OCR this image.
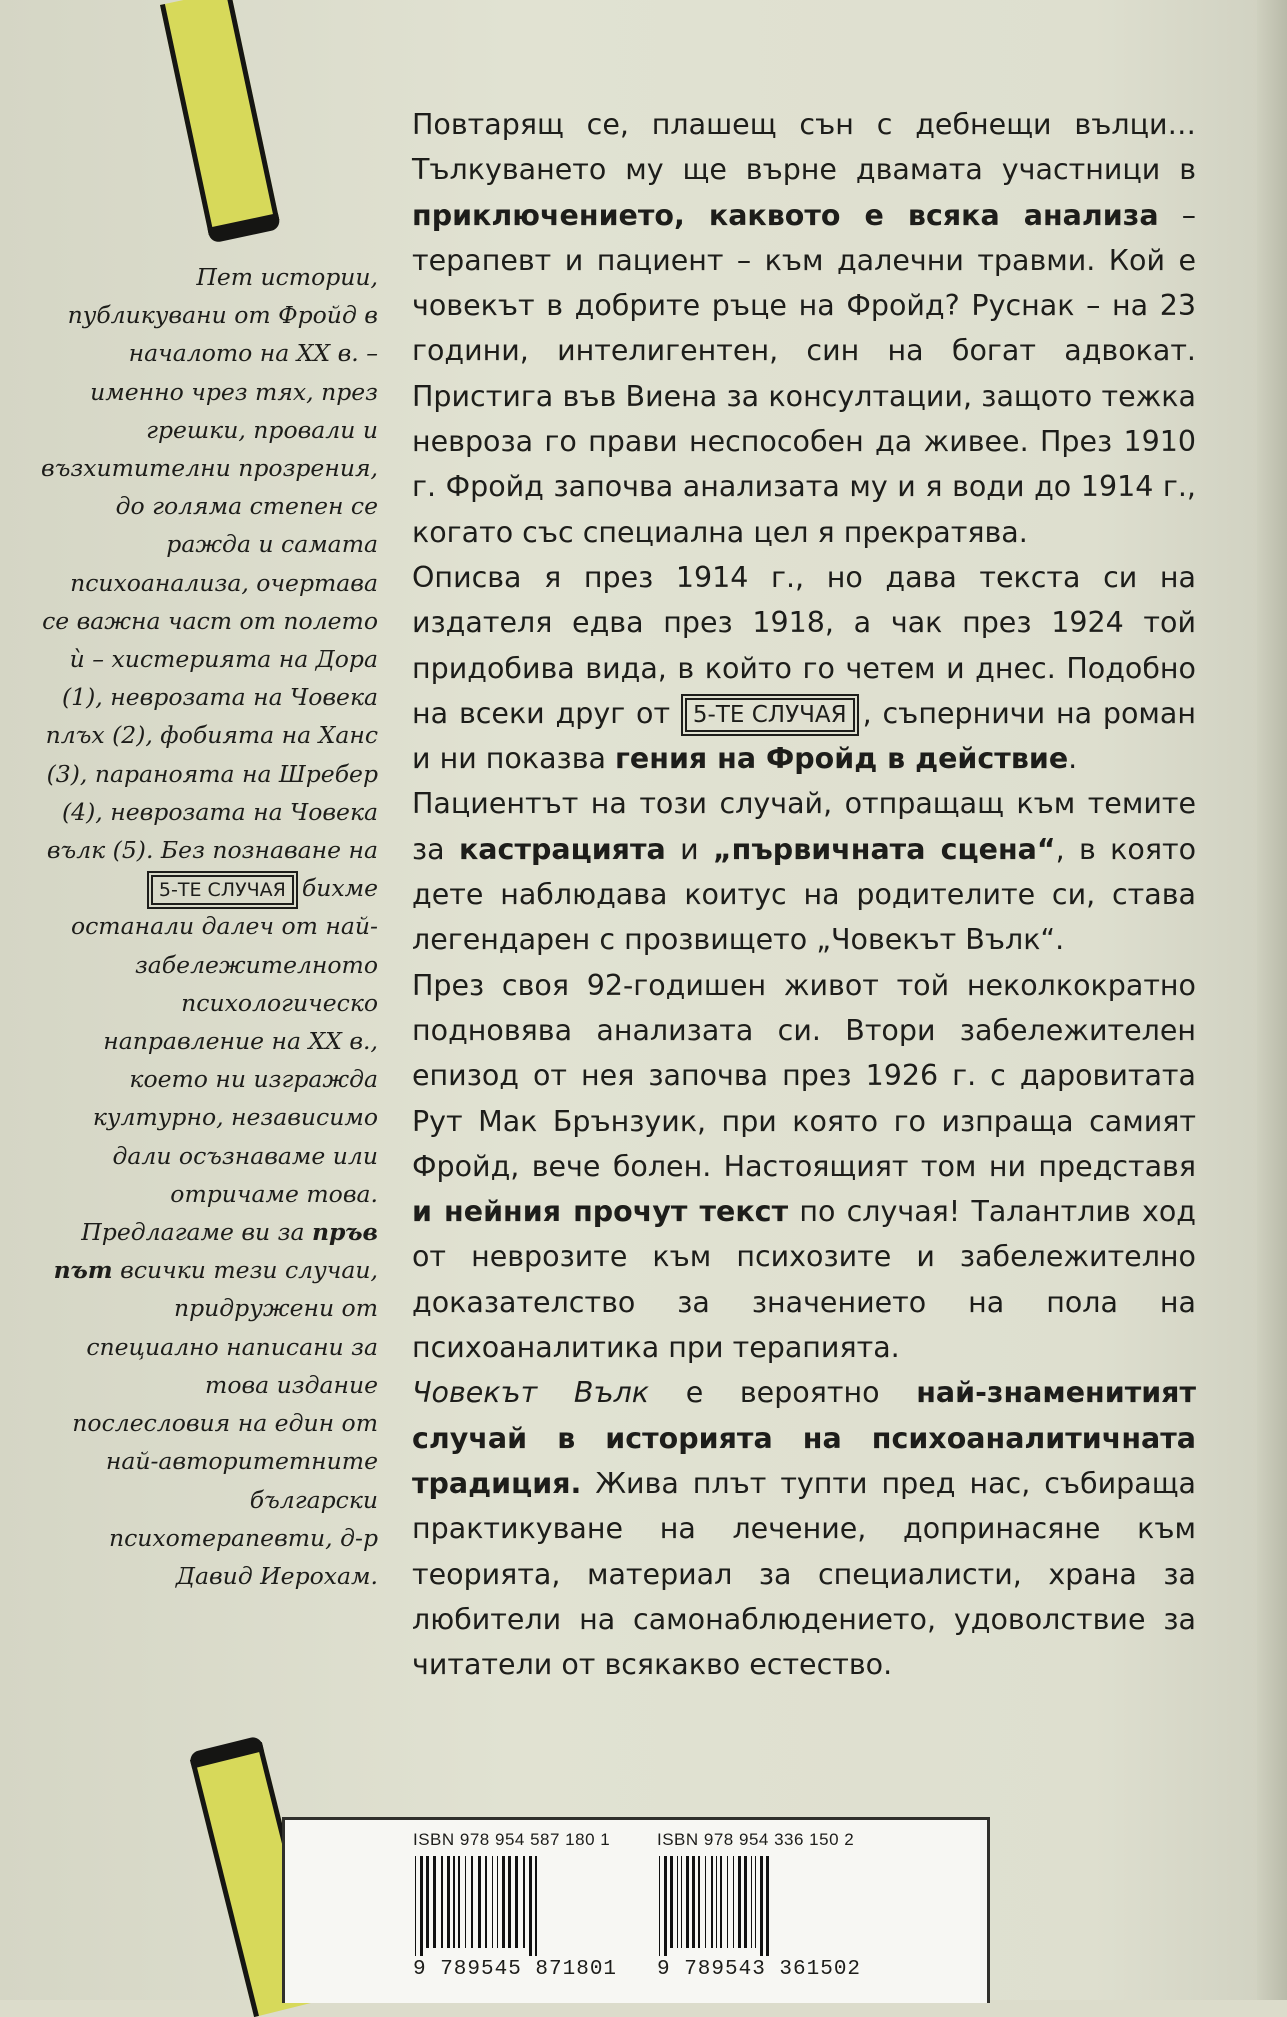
Пет истории, публикувани от Фройд в началото на XX в. – именно чрез тях, през грешки, провали и възхитителни прозрения, до голяма степен се ражда и самата психоанализа, очертава се важна част от полето ѝ – хистерията на Дора (1), неврозата на Човека плъх (2), фобията на Ханс (3), параноята на Шребер (4), неврозата на Човека вълк (5). Без познаване на 5-ТЕ СЛУЧАЯ бихме останали далеч от най-забележителното психологическо направление на XX в., което ни изгражда културно, независимо дали осъзнаваме или отричаме това.

Предлагаме ви за пръв път всички тези случаи, придружени от специално написани за това издание послесловия на един от най-авторитетните български психотерапевти, д-р Давид Иерохам.

Повтарящ се, плашещ сън с дебнещи вълци… Тълкуването му ще върне двамата участници в приключението, каквото е всяка анализа – терапевт и пациент – към далечни травми. Кой е човекът в добрите ръце на Фройд? Руснак – на 23 години, интелигентен, син на богат адвокат. Пристига във Виена за консултации, защото тежка невроза го прави неспособен да живее. През 1910 г. Фройд започва анализата му и я води до 1914 г., когато със специална цел я прекратява.

Описва я през 1914 г., но дава текста си на издателя едва през 1918, а чак през 1924 той придобива вида, в който го четем и днес. Подобно на всеки друг от 5-ТЕ СЛУЧАЯ , съперничи на роман и ни показва гения на Фройд в действие.

Пациентът на този случай, отпращащ към темите за кастрацията и „първичната сцена“, в която дете наблюдава коитус на родителите си, става легендарен с прозвището „Човекът Вълк“.

През своя 92-годишен живот той неколкократно подновява анализата си. Втори забележителен епизод от нея започва през 1926 г. с даровитата Рут Мак Брънзуик, при която го изпраща самият Фройд, вече болен. Настоящият том ни представя и нейния прочут текст по случая! Талантлив ход от неврозите към психозите и забележително доказателство за значението на пола на психоаналитика при терапията.

Човекът Вълк е вероятно най-знаменитият случай в историята на психоаналитичната традиция. Жива плът тупти пред нас, събираща практикуване на лечение, допринасяне към теорията, материал за специалисти, храна за любители на самонаблюдението, удоволствие за читатели от всякакво естество.

ISBN 978 954 587 180 1
9 789545 871801
ISBN 978 954 336 150 2
9 789543 361502
